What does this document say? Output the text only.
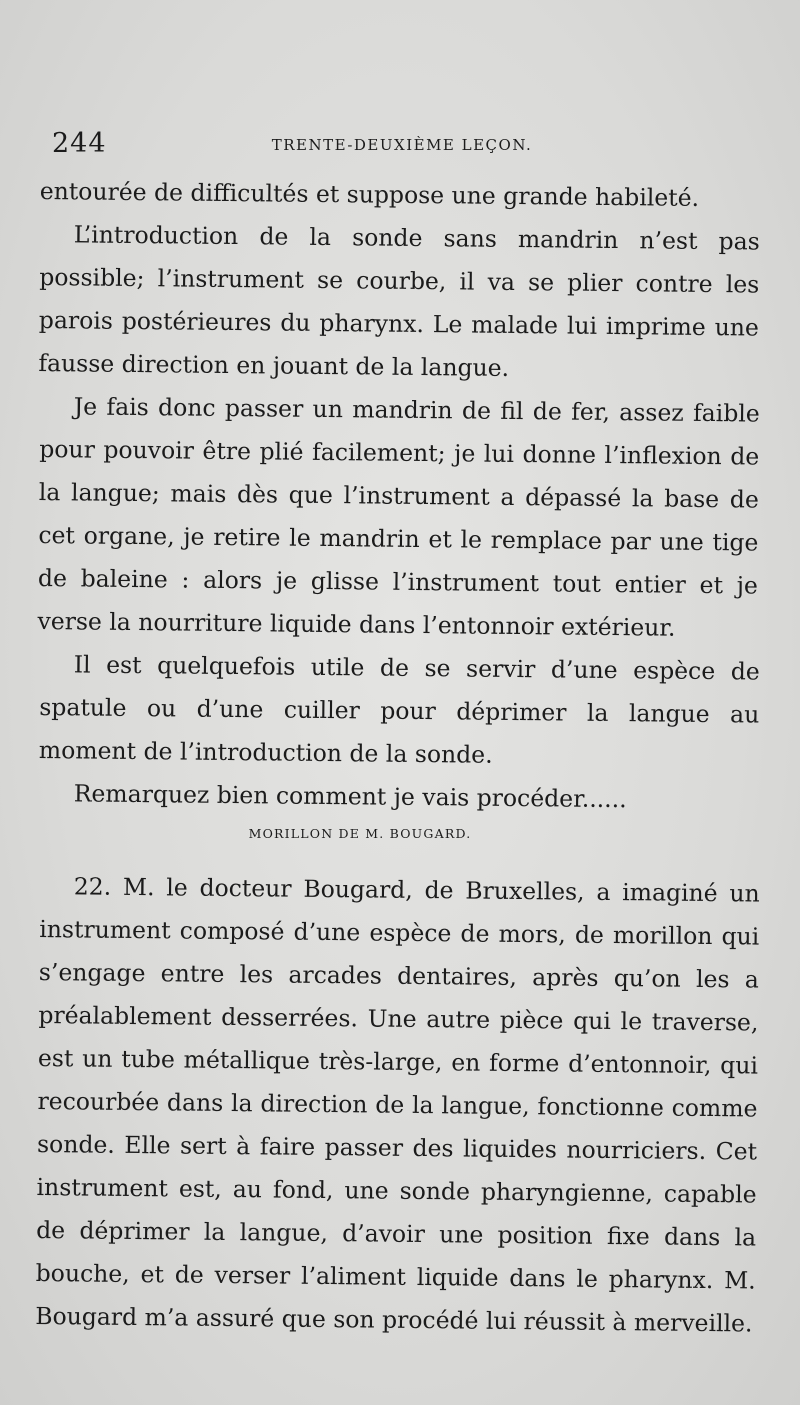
244	TRENTE-DEUXIÈME LEÇON.

entourée de difficultés et suppose une grande habileté.

L’introduction de la sonde sans mandrin n’est pas possible; l’instrument se courbe, il va se plier contre les parois postérieures du pharynx. Le malade lui imprime une fausse direction en jouant de la langue.

Je fais donc passer un mandrin de fil de fer, assez faible pour pouvoir être plié facilement; je lui donne l’inflexion de la langue; mais dès que l’instrument a dépassé la base de cet organe, je retire le mandrin et le remplace par une tige de baleine : alors je glisse l’instrument tout entier et je verse la nourriture liquide dans l’entonnoir extérieur.

Il est quelquefois utile de se servir d’une espèce de spatule ou d’une cuiller pour déprimer la langue au moment de l’introduction de la sonde.

Remarquez bien comment je vais procéder......

MORILLON DE M. BOUGARD.

22. M. le docteur Bougard, de Bruxelles, a imaginé un instrument composé d’une espèce de mors, de morillon qui s’engage entre les arcades dentaires, après qu’on les a préalablement desserrées. Une autre pièce qui le traverse, est un tube métallique très-large, en forme d’entonnoir, qui recourbée dans la direction de la langue, fonctionne comme sonde. Elle sert à faire passer des liquides nourriciers. Cet instrument est, au fond, une sonde pharyngienne, capable de déprimer la langue, d’avoir une position fixe dans la bouche, et de verser l’aliment liquide dans le pharynx. M. Bougard m’a assuré que son procédé lui réussit à merveille.
